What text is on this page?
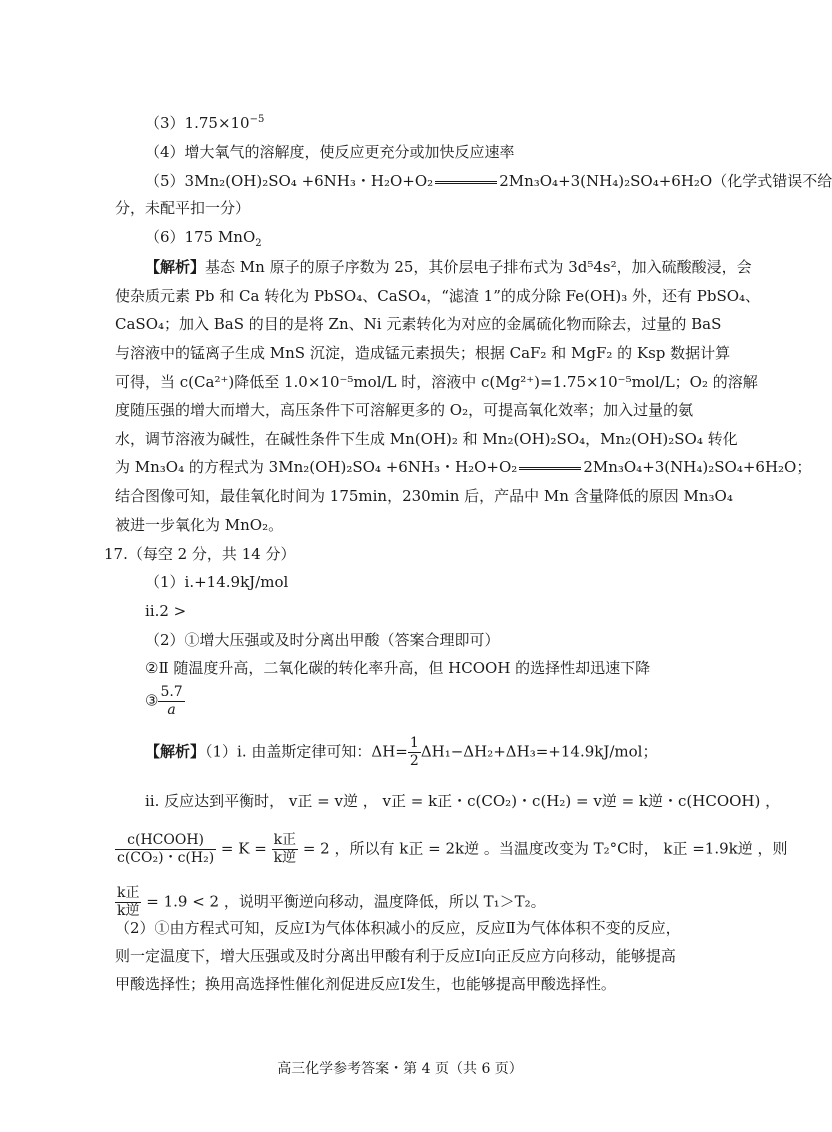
$(3)1.75\times 10^{-5}$
（4）增大氧气的溶解度，使反应更充分或加快反应速率
（5）3Mn₂(OH)₂SO₄ +6NH₃・H₂O+O₂	2Mn₃O₄+3(NH₄)₂SO₄+6H₂O（化学式错误不给
分，未配平扣一分）
（6）175 MnO$_2$
【解析】基态 Mn 原子的原子序数为 25，其价层电子排布式为 3d⁵4s²，加入硫酸酸浸，会
使杂质元素 Pb 和 Ca 转化为 PbSO₄、CaSO₄，“滤渣 1”的成分除 Fe(OH)₃ 外，还有 PbSO₄、
CaSO₄；加入 BaS 的目的是将 Zn、Ni 元素转化为对应的金属硫化物而除去，过量的 BaS
与溶液中的锰离子生成 MnS 沉淀，造成锰元素损失；根据 CaF₂ 和 MgF₂ 的 Ksp 数据计算
可得，当 c(Ca²⁺)降低至 1.0×10⁻⁵mol/L 时，溶液中 c(Mg²⁺)=1.75×10⁻⁵mol/L；O₂ 的溶解
度随压强的增大而增大，高压条件下可溶解更多的 O₂，可提高氧化效率；加入过量的氨
水，调节溶液为碱性，在碱性条件下生成 Mn(OH)₂ 和 Mn₂(OH)₂SO₄，Mn₂(OH)₂SO₄ 转化
为 Mn₃O₄ 的方程式为 3Mn₂(OH)₂SO₄ +6NH₃・H₂O+O₂	2Mn₃O₄+3(NH₄)₂SO₄+6H₂O；
结合图像可知，最佳氧化时间为 175min，230min 后，产品中 Mn 含量降低的原因 Mn₃O₄
被进一步氧化为 MnO₂。
17.（每空 2 分，共 14 分）
（1）ⅰ.+14.9kJ/mol
ⅱ.2 >
（2）①增大压强或及时分离出甲酸（答案合理即可）
②Ⅱ 随温度升高，二氧化碳的转化率升高，但 HCOOH 的选择性却迅速下降
③ $\frac{5.7}{a}$
【解析】（1）ⅰ. 由盖斯定律可知：$\Delta H= \frac{1}{2} \Delta H_1-\Delta H_2+\Delta H_3=+14.9kJ/mol$；
ⅱ. 反应达到平衡时， v正 = v逆 ， v正 = k正・c(CO₂)・c(H₂) = v逆 = k逆・c(HCOOH) ，
$\frac{\text{c(HCOOH)}}{\text{c(CO₂)・c(H₂)}} = K = \frac{\text{k正}}{\text{k逆}} = 2$ ，所以有 k正 = 2k逆 。当温度改变为 T₂°C时， k正 =1.9k逆 ，则
$\frac{\text{k正}}{\text{k逆}} = 1.9 < 2$ ，说明平衡逆向移动，温度降低，所以 T₁＞T₂。
（2）①由方程式可知，反应Ⅰ为气体体积减小的反应，反应Ⅱ为气体体积不变的反应，
则一定温度下，增大压强或及时分离出甲酸有利于反应Ⅰ向正反应方向移动，能够提高
甲酸选择性；换用高选择性催化剂促进反应Ⅰ发生，也能够提高甲酸选择性。
高三化学参考答案・第 4 页（共 6 页）
